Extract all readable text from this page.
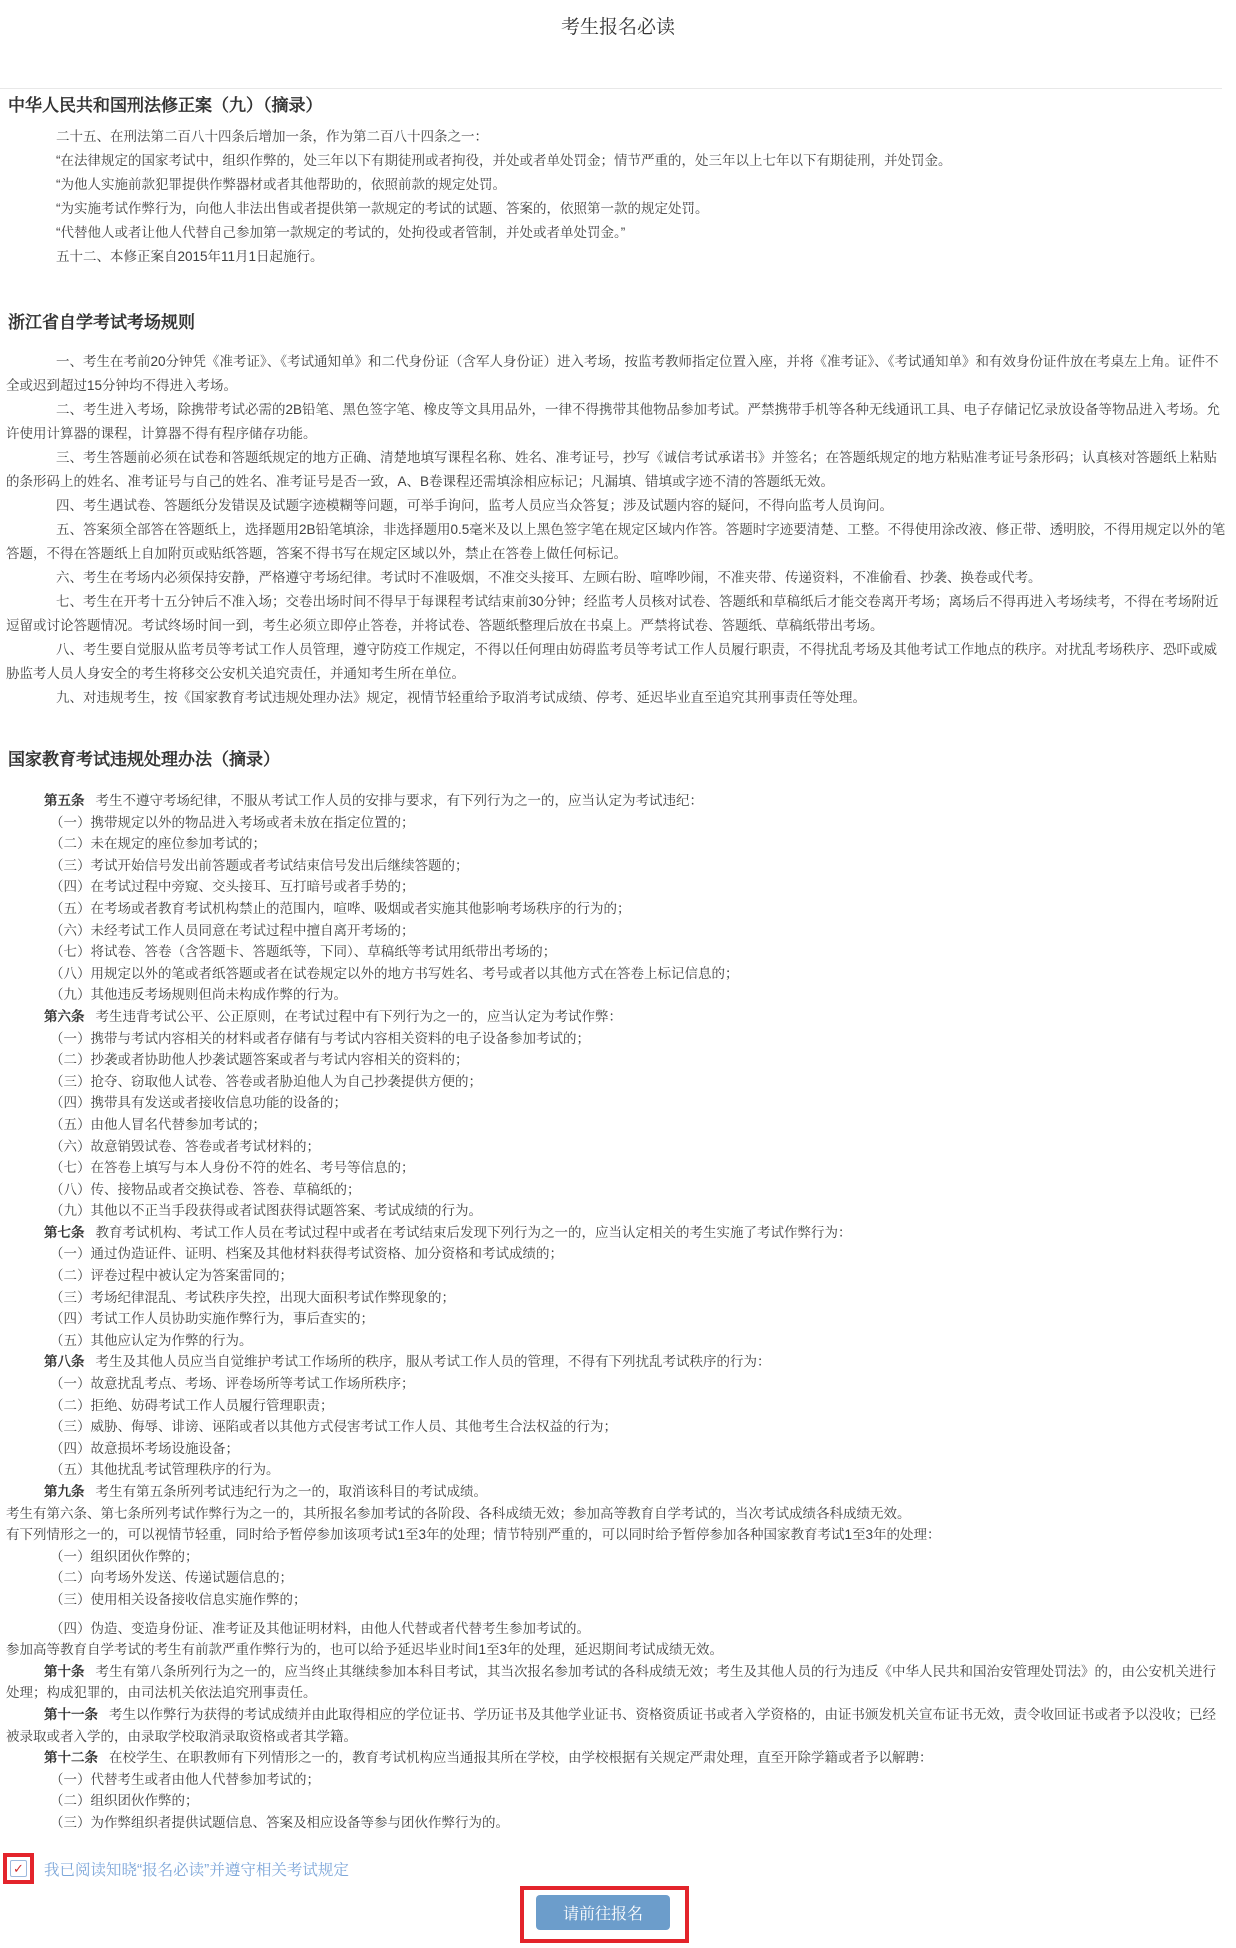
考生报名必读
中华人民共和国刑法修正案（九）（摘录）

二十五、在刑法第二百八十四条后增加一条，作为第二百八十四条之一：

“在法律规定的国家考试中，组织作弊的，处三年以下有期徒刑或者拘役，并处或者单处罚金；情节严重的，处三年以上七年以下有期徒刑，并处罚金。

“为他人实施前款犯罪提供作弊器材或者其他帮助的，依照前款的规定处罚。

“为实施考试作弊行为，向他人非法出售或者提供第一款规定的考试的试题、答案的，依照第一款的规定处罚。

“代替他人或者让他人代替自己参加第一款规定的考试的，处拘役或者管制，并处或者单处罚金。”

五十二、本修正案自2015年11月1日起施行。

浙江省自学考试考场规则

一、考生在考前20分钟凭《准考证》、《考试通知单》和二代身份证（含军人身份证）进入考场，按监考教师指定位置入座，并将《准考证》、《考试通知单》和有效身份证件放在考桌左上角。证件不全或迟到超过15分钟均不得进入考场。

二、考生进入考场，除携带考试必需的2B铅笔、黑色签字笔、橡皮等文具用品外，一律不得携带其他物品参加考试。严禁携带手机等各种无线通讯工具、电子存储记忆录放设备等物品进入考场。允许使用计算器的课程，计算器不得有程序储存功能。

三、考生答题前必须在试卷和答题纸规定的地方正确、清楚地填写课程名称、姓名、准考证号，抄写《诚信考试承诺书》并签名；在答题纸规定的地方粘贴准考证号条形码；认真核对答题纸上粘贴的条形码上的姓名、准考证号与自己的姓名、准考证号是否一致，A、B卷课程还需填涂相应标记；凡漏填、错填或字迹不清的答题纸无效。

四、考生遇试卷、答题纸分发错误及试题字迹模糊等问题，可举手询问，监考人员应当众答复；涉及试题内容的疑问，不得向监考人员询问。

五、答案须全部答在答题纸上，选择题用2B铅笔填涂，非选择题用0.5毫米及以上黑色签字笔在规定区域内作答。答题时字迹要清楚、工整。不得使用涂改液、修正带、透明胶，不得用规定以外的笔答题，不得在答题纸上自加附页或贴纸答题，答案不得书写在规定区域以外，禁止在答卷上做任何标记。

六、考生在考场内必须保持安静，严格遵守考场纪律。考试时不准吸烟，不准交头接耳、左顾右盼、喧哗吵闹，不准夹带、传递资料，不准偷看、抄袭、换卷或代考。

七、考生在开考十五分钟后不准入场；交卷出场时间不得早于每课程考试结束前30分钟；经监考人员核对试卷、答题纸和草稿纸后才能交卷离开考场；离场后不得再进入考场续考，不得在考场附近逗留或讨论答题情况。考试终场时间一到，考生必须立即停止答卷，并将试卷、答题纸整理后放在书桌上。严禁将试卷、答题纸、草稿纸带出考场。

八、考生要自觉服从监考员等考试工作人员管理，遵守防疫工作规定，不得以任何理由妨碍监考员等考试工作人员履行职责，不得扰乱考场及其他考试工作地点的秩序。对扰乱考场秩序、恐吓或威胁监考人员人身安全的考生将移交公安机关追究责任，并通知考生所在单位。

九、对违规考生，按《国家教育考试违规处理办法》规定，视情节轻重给予取消考试成绩、停考、延迟毕业直至追究其刑事责任等处理。

国家教育考试违规处理办法（摘录）

第五条 考生不遵守考场纪律，不服从考试工作人员的安排与要求，有下列行为之一的，应当认定为考试违纪：

（一）携带规定以外的物品进入考场或者未放在指定位置的；

（二）未在规定的座位参加考试的；

（三）考试开始信号发出前答题或者考试结束信号发出后继续答题的；

（四）在考试过程中旁窥、交头接耳、互打暗号或者手势的；

（五）在考场或者教育考试机构禁止的范围内，喧哗、吸烟或者实施其他影响考场秩序的行为的；

（六）未经考试工作人员同意在考试过程中擅自离开考场的；

（七）将试卷、答卷（含答题卡、答题纸等，下同）、草稿纸等考试用纸带出考场的；

（八）用规定以外的笔或者纸答题或者在试卷规定以外的地方书写姓名、考号或者以其他方式在答卷上标记信息的；

（九）其他违反考场规则但尚未构成作弊的行为。

第六条 考生违背考试公平、公正原则，在考试过程中有下列行为之一的，应当认定为考试作弊：

（一）携带与考试内容相关的材料或者存储有与考试内容相关资料的电子设备参加考试的；

（二）抄袭或者协助他人抄袭试题答案或者与考试内容相关的资料的；

（三）抢夺、窃取他人试卷、答卷或者胁迫他人为自己抄袭提供方便的；

（四）携带具有发送或者接收信息功能的设备的；

（五）由他人冒名代替参加考试的；

（六）故意销毁试卷、答卷或者考试材料的；

（七）在答卷上填写与本人身份不符的姓名、考号等信息的；

（八）传、接物品或者交换试卷、答卷、草稿纸的；

（九）其他以不正当手段获得或者试图获得试题答案、考试成绩的行为。

第七条 教育考试机构、考试工作人员在考试过程中或者在考试结束后发现下列行为之一的，应当认定相关的考生实施了考试作弊行为：

（一）通过伪造证件、证明、档案及其他材料获得考试资格、加分资格和考试成绩的；

（二）评卷过程中被认定为答案雷同的；

（三）考场纪律混乱、考试秩序失控，出现大面积考试作弊现象的；

（四）考试工作人员协助实施作弊行为，事后查实的；

（五）其他应认定为作弊的行为。

第八条 考生及其他人员应当自觉维护考试工作场所的秩序，服从考试工作人员的管理，不得有下列扰乱考试秩序的行为：

（一）故意扰乱考点、考场、评卷场所等考试工作场所秩序；

（二）拒绝、妨碍考试工作人员履行管理职责；

（三）威胁、侮辱、诽谤、诬陷或者以其他方式侵害考试工作人员、其他考生合法权益的行为；

（四）故意损坏考场设施设备；

（五）其他扰乱考试管理秩序的行为。

第九条 考生有第五条所列考试违纪行为之一的，取消该科目的考试成绩。

考生有第六条、第七条所列考试作弊行为之一的，其所报名参加考试的各阶段、各科成绩无效；参加高等教育自学考试的，当次考试成绩各科成绩无效。

有下列情形之一的，可以视情节轻重，同时给予暂停参加该项考试1至3年的处理；情节特别严重的，可以同时给予暂停参加各种国家教育考试1至3年的处理：

（一）组织团伙作弊的；

（二）向考场外发送、传递试题信息的；

（三）使用相关设备接收信息实施作弊的；

（四）伪造、变造身份证、准考证及其他证明材料，由他人代替或者代替考生参加考试的。

参加高等教育自学考试的考生有前款严重作弊行为的，也可以给予延迟毕业时间1至3年的处理，延迟期间考试成绩无效。

第十条 考生有第八条所列行为之一的，应当终止其继续参加本科目考试，其当次报名参加考试的各科成绩无效；考生及其他人员的行为违反《中华人民共和国治安管理处罚法》的，由公安机关进行处理；构成犯罪的，由司法机关依法追究刑事责任。

第十一条 考生以作弊行为获得的考试成绩并由此取得相应的学位证书、学历证书及其他学业证书、资格资质证书或者入学资格的，由证书颁发机关宣布证书无效，责令收回证书或者予以没收；已经被录取或者入学的，由录取学校取消录取资格或者其学籍。

第十二条 在校学生、在职教师有下列情形之一的，教育考试机构应当通报其所在学校，由学校根据有关规定严肃处理，直至开除学籍或者予以解聘：

（一）代替考生或者由他人代替参加考试的；

（二）组织团伙作弊的；

（三）为作弊组织者提供试题信息、答案及相应设备等参与团伙作弊行为的。

✓ 我已阅读知晓“报名必读”并遵守相关考试规定
请前往报名
